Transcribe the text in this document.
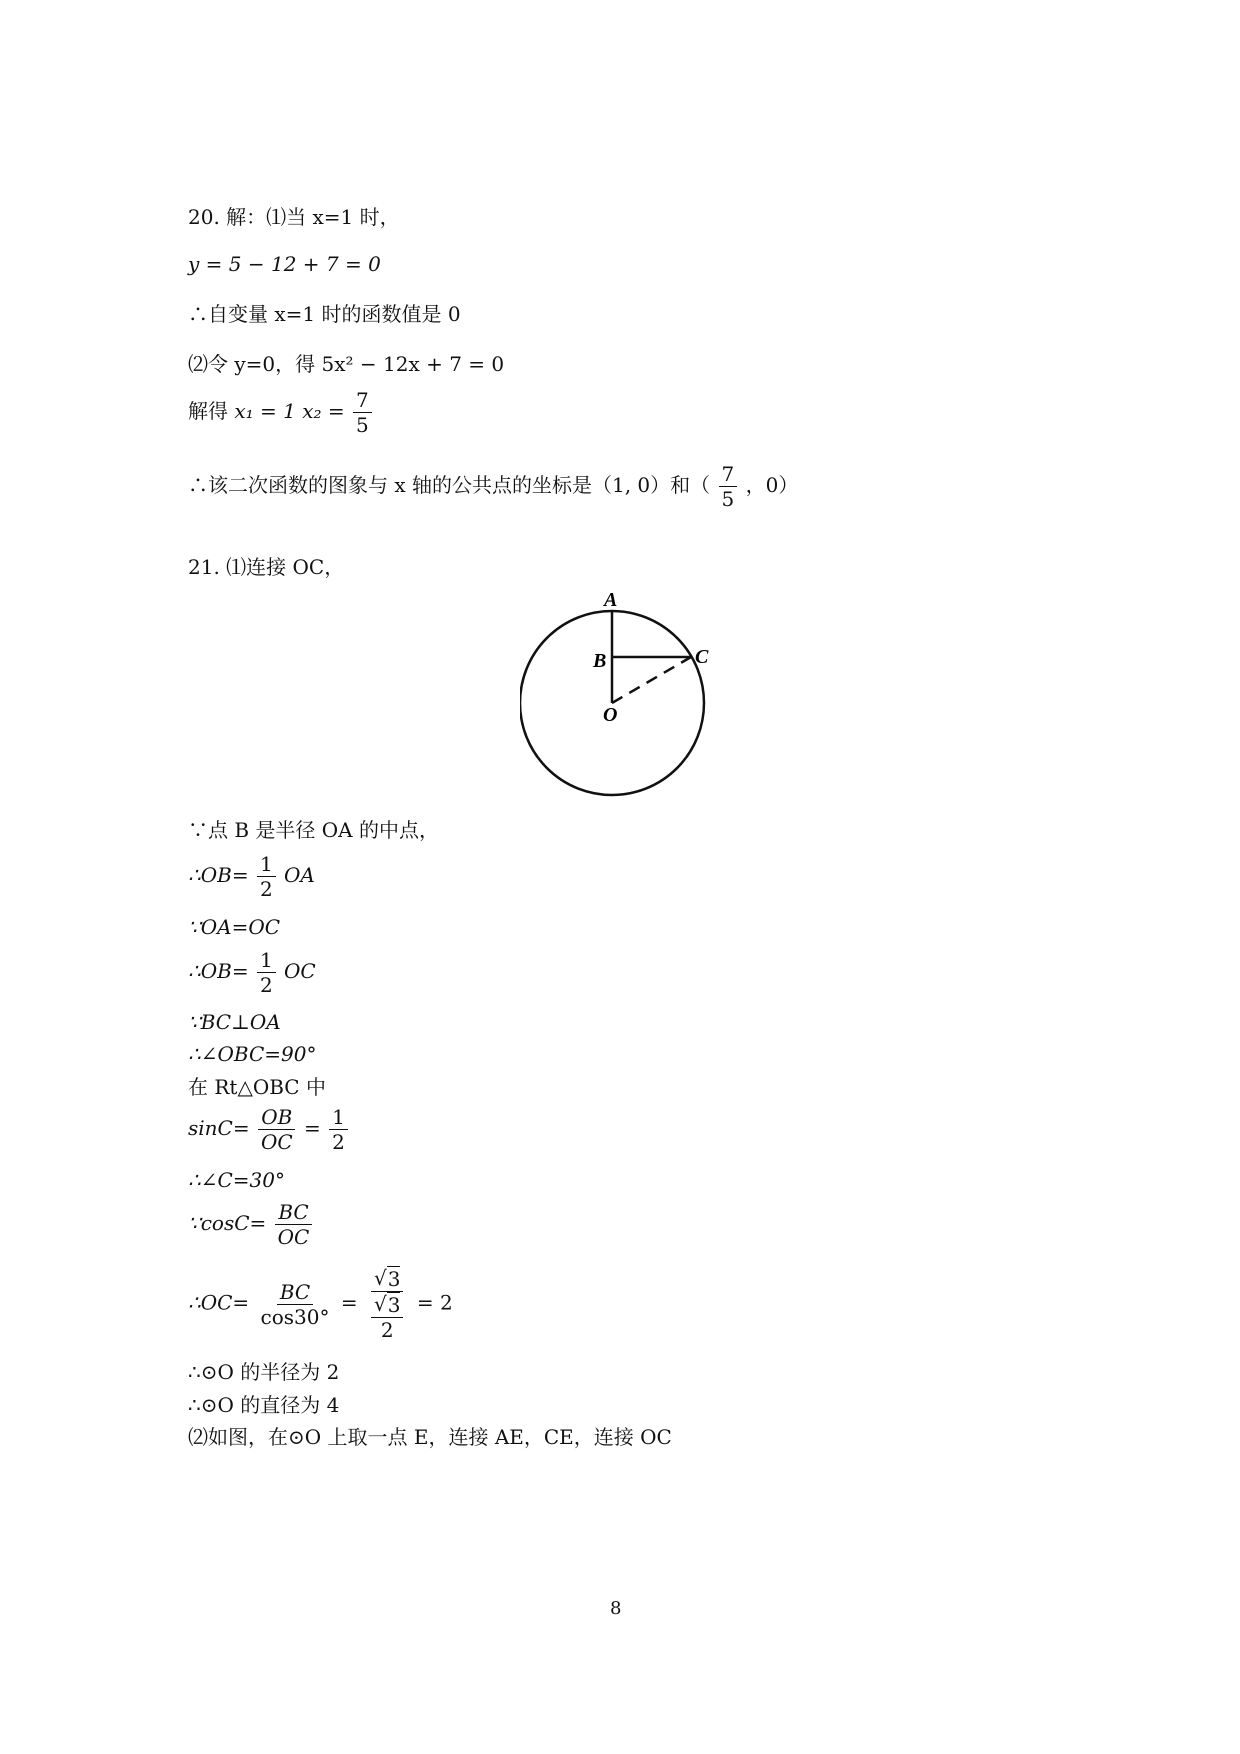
20. 解：⑴当 x=1 时，
y = 5 − 12 + 7 = 0
∴自变量 x=1 时的函数值是 0
⑵令 y=0，得 5x² − 12x + 7 = 0
解得 x₁ = 1 $x_2 = \frac{7}{5}$
∴该二次函数的图象与 x 轴的公共点的坐标是（1, 0）和（ $\frac{7}{5}$ ，0）
21. ⑴连接 OC，
A
B	C
O
∵点 B 是半径 OA 的中点，
∴OB= $\frac{1}{2}$ OA
∵OA=OC
∴OB= $\frac{1}{2}$ OC
∵BC⊥OA
∴∠OBC=90°
在 Rt△OBC 中
$\sin C= \frac{OB}{OC} = \frac{1}{2}$
∴∠C=30°
∵cosC= $\frac{BC}{OC}$
∴OC= $\frac{BC}{\cos 30^\circ} = \frac{√ 3}{\frac{√ 3}{2}} = 2$
∴⊙O 的半径为 2
∴⊙O 的直径为 4
⑵如图，在⊙O 上取一点 E，连接 AE，CE，连接 OC
8
